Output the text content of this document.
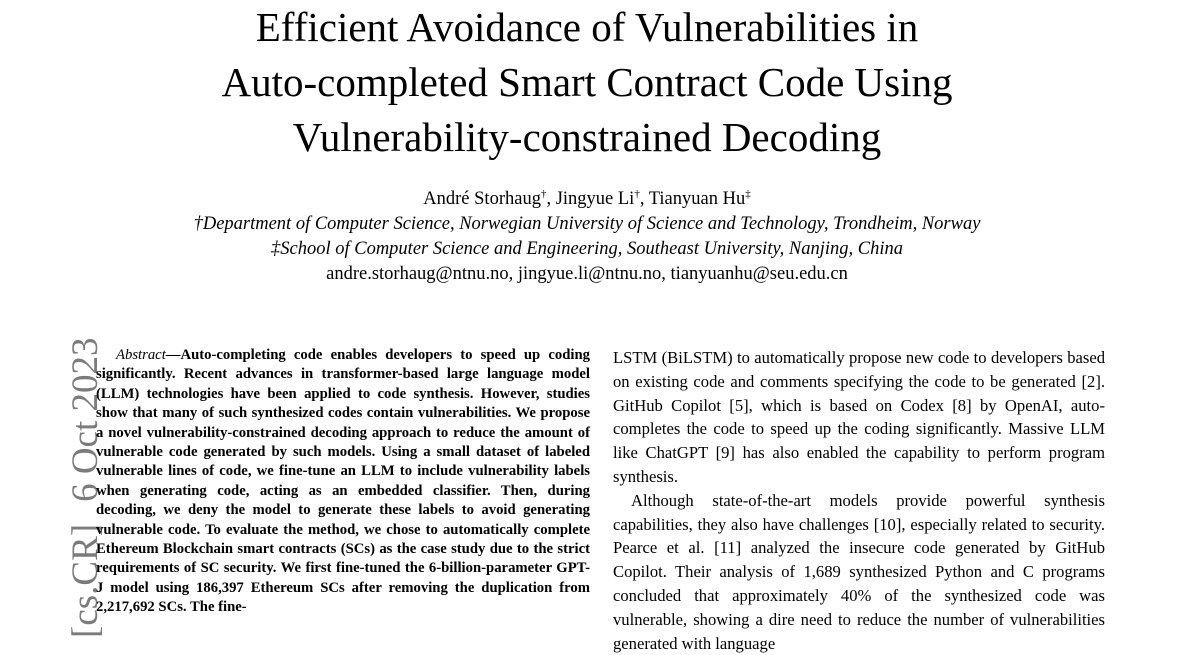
Efficient Avoidance of Vulnerabilities in
Auto-completed Smart Contract Code Using
Vulnerability-constrained Decoding
André Storhaug†, Jingyue Li†, Tianyuan Hu‡
†Department of Computer Science, Norwegian University of Science and Technology, Trondheim, Norway
‡School of Computer Science and Engineering, Southeast University, Nanjing, China
andre.storhaug@ntnu.no, jingyue.li@ntnu.no, tianyuanhu@seu.edu.cn
[cs.CR]6 Oct 2023 Abstract—Auto-completing code enables developers to speed up coding significantly. Recent advances in transformer-based large language model (LLM) technologies have been applied to code synthesis. However, studies show that many of such synthesized codes contain vulnerabilities. We propose a novel vulnerability-constrained decoding approach to reduce the amount of vulnerable code generated by such models. Using a small dataset of labeled vulnerable lines of code, we fine-tune an LLM to include vulnerability labels when generating code, acting as an embedded classifier. Then, during decoding, we deny the model to generate these labels to avoid generating vulnerable code. To evaluate the method, we chose to automatically complete Ethereum Blockchain smart contracts (SCs) as the case study due to the strict requirements of SC security. We first fine-tuned the 6-billion-parameter GPT-J model using 186,397 Ethereum SCs after removing the duplication from 2,217,692 SCs. The fine-

LSTM (BiLSTM) to automatically propose new code to developers based on existing code and comments specifying the code to be generated [2]. GitHub Copilot [5], which is based on Codex [8] by OpenAI, auto-completes the code to speed up the coding significantly. Massive LLM like ChatGPT [9] has also enabled the capability to perform program synthesis.

Although state-of-the-art models provide powerful synthesis capabilities, they also have challenges [10], especially related to security. Pearce et al. [11] analyzed the insecure code generated by GitHub Copilot. Their analysis of 1,689 synthesized Python and C programs concluded that approximately 40% of the synthesized code was vulnerable, showing a dire need to reduce the number of vulnerabilities generated with language
